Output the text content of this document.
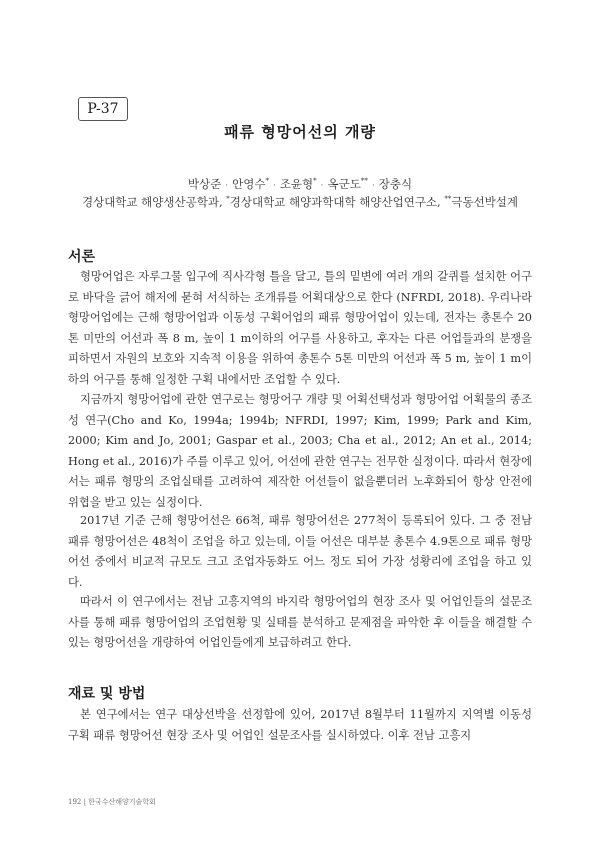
P-37
패류 형망어선의 개량
박상준 · 안영수* · 조윤형* · 옥군도** · 장충식
경상대학교 해양생산공학과, *경상대학교 해양과학대학 해양산업연구소, **극동선박설계
서론
형망어업은 자루그물 입구에 직사각형 틀을 달고, 틀의 밑변에 여러 개의 갈퀴를 설치한 어구로 바닥을 긁어 해저에 묻혀 서식하는 조개류를 어획대상으로 한다 (NFRDI, 2018). 우리나라 형망어업에는 근해 형망어업과 이동성 구획어업의 패류 형망어업이 있는데, 전자는 총톤수 20톤 미만의 어선과 폭 8 m, 높이 1 m이하의 어구를 사용하고, 후자는 다른 어업들과의 분쟁을 피하면서 자원의 보호와 지속적 이용을 위하여 총톤수 5톤 미만의 어선과 폭 5 m, 높이 1 m이하의 어구를 통해 일정한 구획 내에서만 조업할 수 있다.
지금까지 형망어업에 관한 연구로는 형망어구 개량 및 어획선택성과 형망어업 어획물의 종조성 연구(Cho and Ko, 1994a; 1994b; NFRDI, 1997; Kim, 1999; Park and Kim, 2000; Kim and Jo, 2001; Gaspar et al., 2003; Cha et al., 2012; An et al., 2014; Hong et al., 2016)가 주를 이루고 있어, 어선에 관한 연구는 전무한 실정이다. 따라서 현장에서는 패류 형망의 조업실태를 고려하여 제작한 어선들이 없을뿐더러 노후화되어 항상 안전에 위협을 받고 있는 실정이다.
2017년 기준 근해 형망어선은 66척, 패류 형망어선은 277척이 등록되어 있다. 그 중 전남 패류 형망어선은 48척이 조업을 하고 있는데, 이들 어선은 대부분 총톤수 4.9톤으로 패류 형망어선 중에서 비교적 규모도 크고 조업자동화도 어느 정도 되어 가장 성황리에 조업을 하고 있다.
따라서 이 연구에서는 전남 고흥지역의 바지락 형망어업의 현장 조사 및 어업인들의 설문조사를 통해 패류 형망어업의 조업현황 및 실태를 분석하고 문제점을 파악한 후 이들을 해결할 수 있는 형망어선을 개량하여 어업인들에게 보급하려고 한다.
재료 및 방법
본 연구에서는 연구 대상선박을 선정함에 있어, 2017년 8월부터 11월까지 지역별 이동성 구획 패류 형망어선 현장 조사 및 어업인 설문조사를 실시하였다. 이후 전남 고흥지
192 | 한국수산해양기술학회
